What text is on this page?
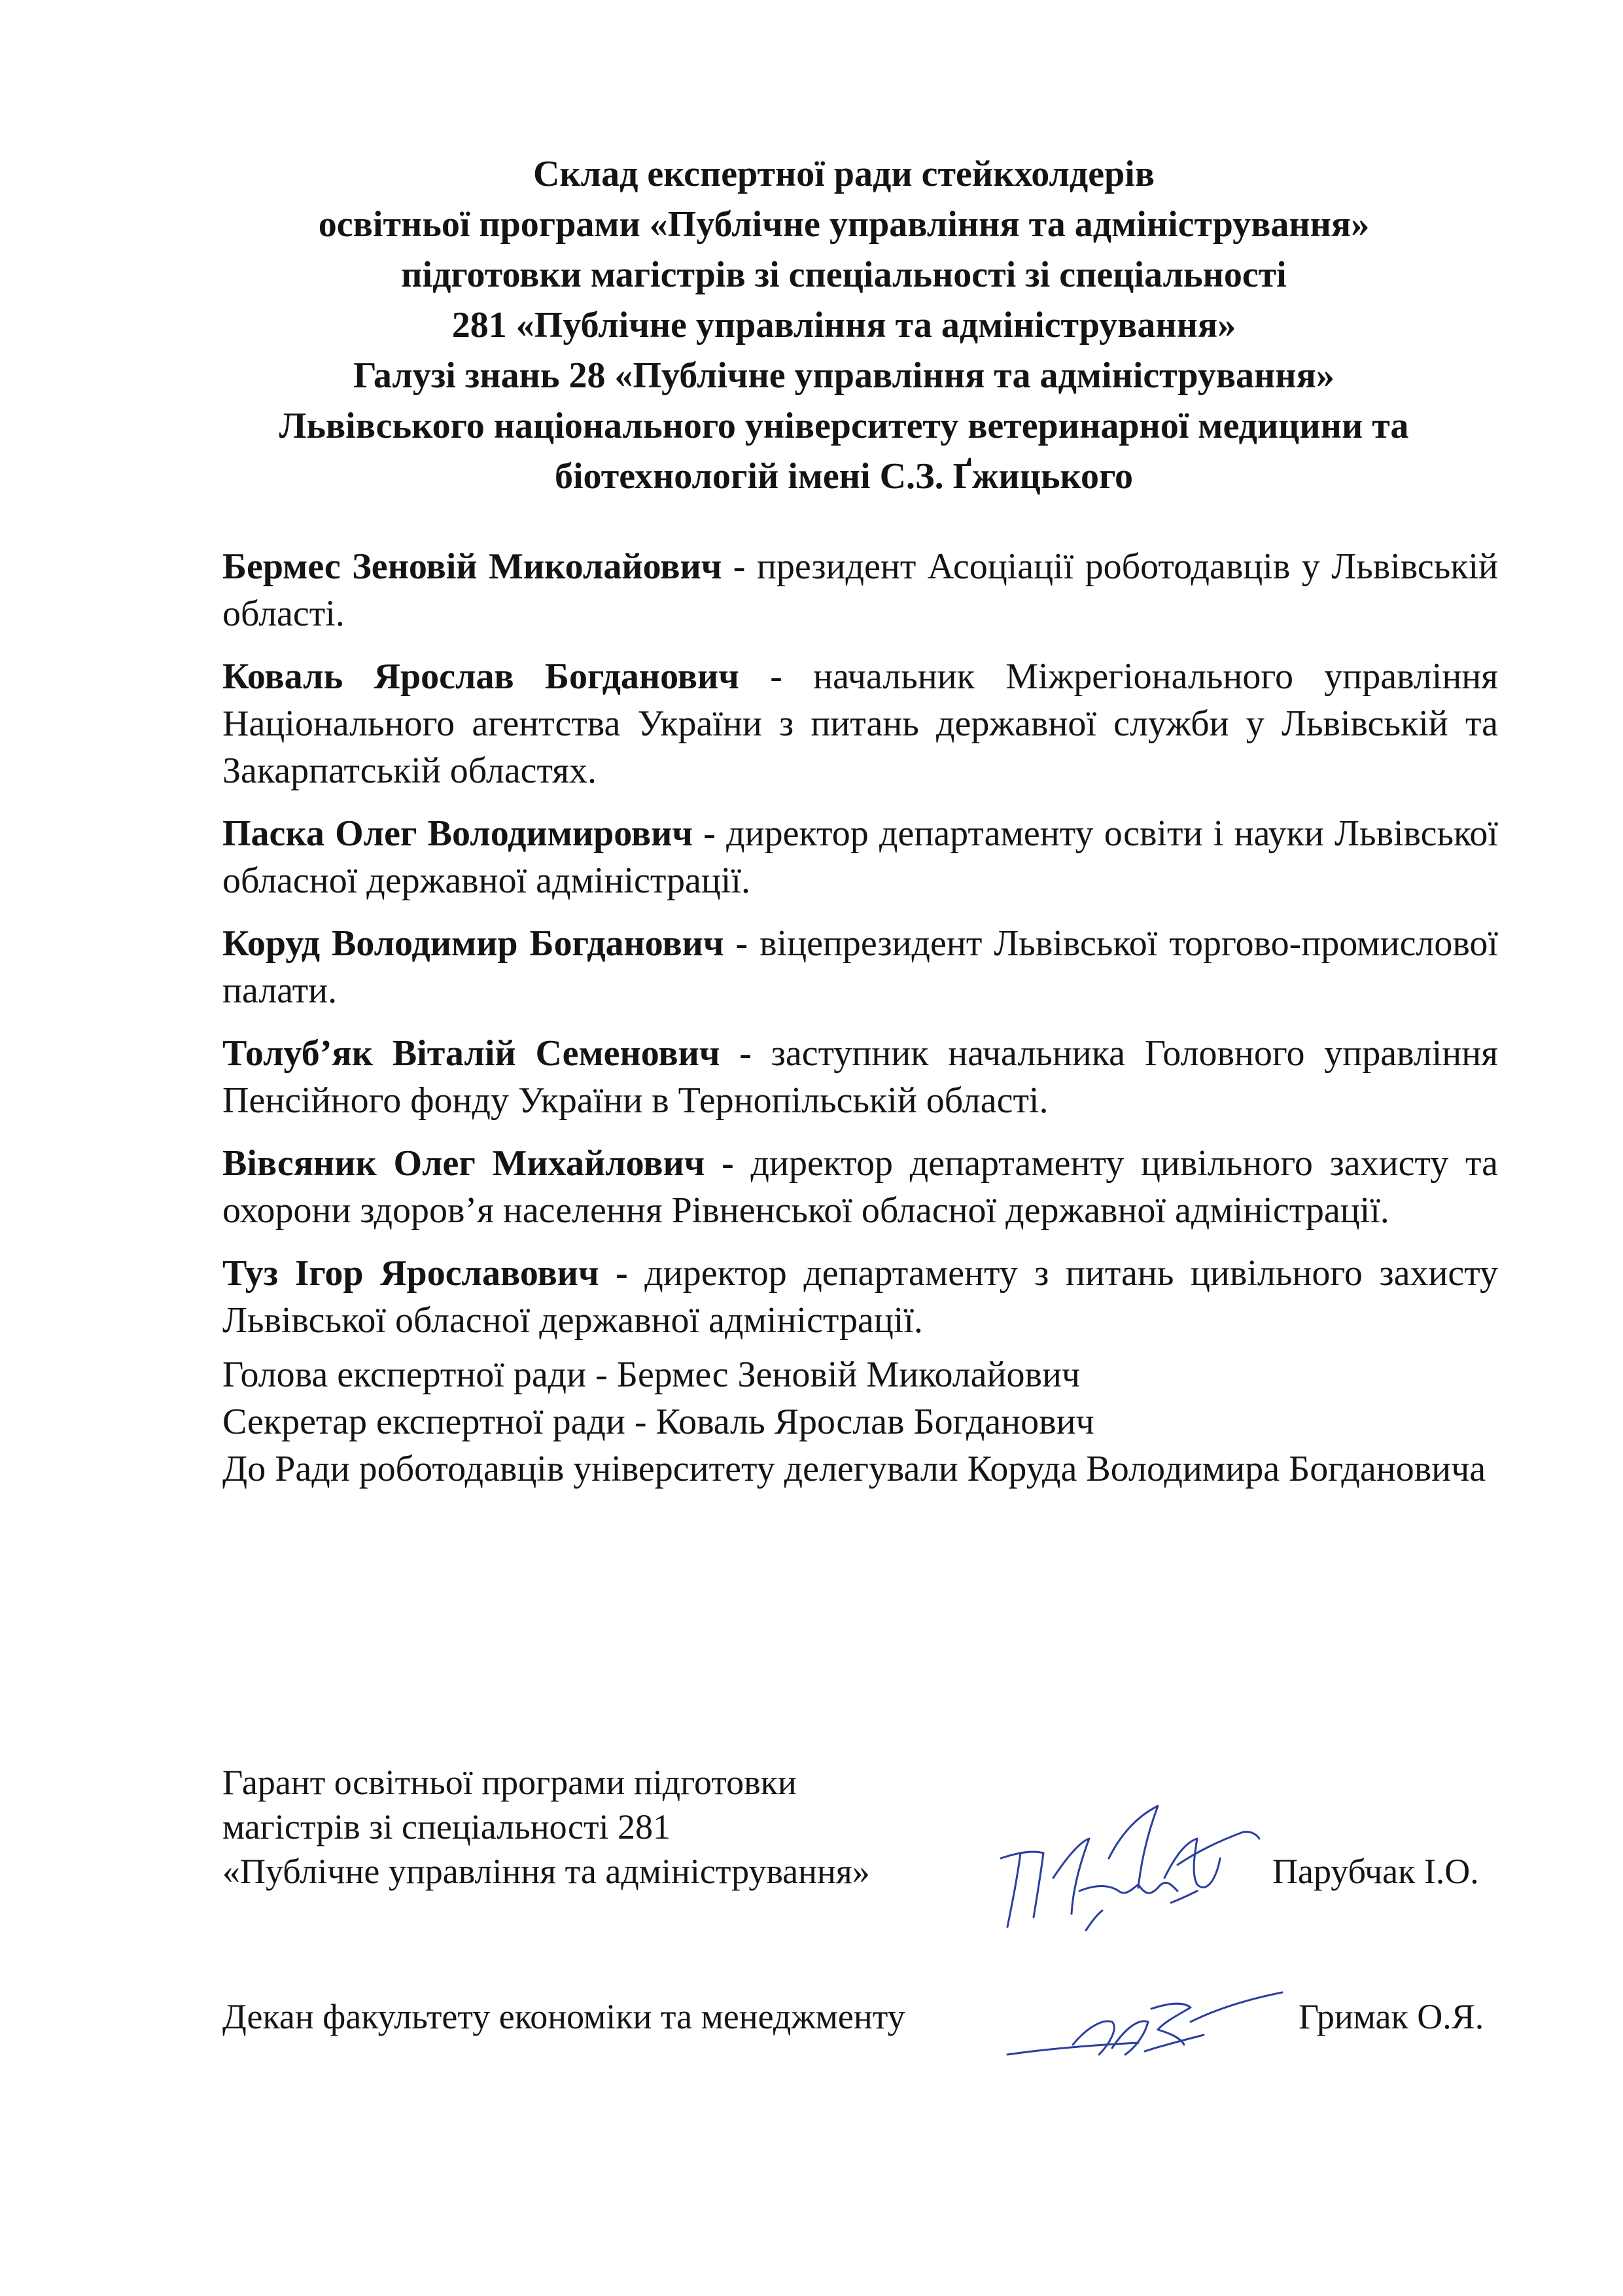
Склад експертної ради стейкхолдерів
освітньої програми «Публічне управління та адміністрування»
підготовки магістрів зі спеціальності зі спеціальності
281 «Публічне управління та адміністрування»
Галузі знань 28 «Публічне управління та адміністрування»
Львівського національного університету ветеринарної медицини та
біотехнологій імені С.З. Ґжицького

Бермес Зеновій Миколайович - президент Асоціації роботодавців у Львівській області.

Коваль Ярослав Богданович - начальник Міжрегіонального управління Національного агентства України з питань державної служби у Львівській та Закарпатській областях.

Паска Олег Володимирович - директор департаменту освіти і науки Львівської обласної державної адміністрації.

Коруд Володимир Богданович - віцепрезидент Львівської торгово-промислової палати.

Толуб’як Віталій Семенович - заступник начальника Головного управління Пенсійного фонду України в Тернопільській області.

Вівсяник Олег Михайлович - директор департаменту цивільного захисту та охорони здоров’я населення Рівненської обласної державної адміністрації.

Туз Ігор Ярославович - директор департаменту з питань цивільного захисту Львівської обласної державної адміністрації.

Голова експертної ради - Бермес Зеновій Миколайович

Секретар експертної ради - Коваль Ярослав Богданович

До Ради роботодавців університету делегували Коруда Володимира Богдановича

Гарант освітньої програми підготовки

магістрів зі спеціальності 281

«Публічне управління та адміністрування»	Парубчак І.О.
Декан факультету економіки та менеджменту	Гримак О.Я.
